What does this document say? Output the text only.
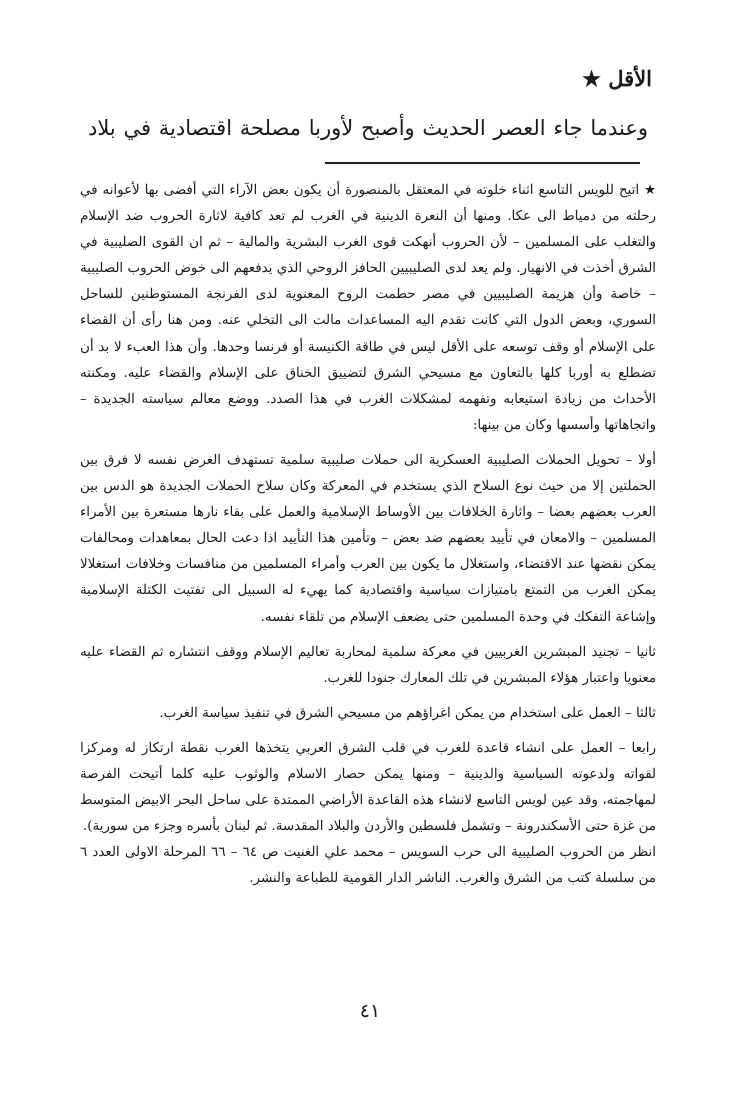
الأقل ★
وعندما جاء العصر الحديث وأصبح لأوربا مصلحة اقتصادية في بلاد

★ اتيح للويس التاسع اثناء خلوته في المعتقل بالمنصورة أن يكون بعض الآراء التي أفضى بها لأعوانه في رحلته من دمياط الى عكا. ومنها أن النعرة الدينية في الغرب لم تعد كافية لاثارة الحروب ضد الإسلام والتغلب على المسلمين – لأن الحروب أنهكت قوى الغرب البشرية والمالية – ثم ان القوى الصليبية في الشرق أخذت في الانهيار. ولم يعد لدى الصليبيين الحافز الروحي الذي يدفعهم الى خوض الحروب الصليبية – خاصة وأن هزيمة الصليبيين في مصر حطمت الروح المعنوية لدى الفرنجة المستوطنين للساحل السوري، وبعض الدول التي كانت تقدم اليه المساعدات مالت الى التخلي عنه. ومن هنا رأى أن القضاء على الإسلام أو وقف توسعه على الأقل ليس في طاقة الكنيسة أو فرنسا وحدها. وأن هذا العبء لا بد أن تضطلع به أوربا كلها بالتعاون مع مسيحي الشرق لتضييق الخناق على الإسلام والقضاء عليه. ومكنته الأحداث من زيادة استيعابه وتفهمه لمشكلات الغرب في هذا الصدد. ووضع معالم سياسته الجديدة – واتجاهاتها وأسسها وكان من بينها:

أولا – تحويل الحملات الصليبية العسكرية الى حملات صليبية سلمية تستهدف الغرض نفسه لا فرق بين الحملتين إلا من حيث نوع السلاح الذي يستخدم في المعركة وكان سلاح الحملات الجديدة هو الدس بين العرب بعضهم بعضا – واثارة الخلافات بين الأوساط الإسلامية والعمل على بقاء نارها مستعرة بين الأمراء المسلمين – والامعان في تأييد بعضهم ضد بعض – وتأمين هذا التأييد اذا دعت الحال بمعاهدات ومحالفات يمكن نقضها عند الاقتضاء، واستغلال ما يكون بين العرب وأمراء المسلمين من منافسات وخلافات استغلالا يمكن الغرب من التمتع بامتيازات سياسية واقتصادية كما يهيء له السبيل الى تفتيت الكتلة الإسلامية وإشاعة التفكك في وحدة المسلمين حتى يضعف الإسلام من تلقاء نفسه.

ثانيا – تجنيد المبشرين الغربيين في معركة سلمية لمحاربة تعاليم الإسلام ووقف انتشاره ثم القضاء عليه معنويا واعتبار هؤلاء المبشرين في تلك المعارك جنودا للغرب.

ثالثا – العمل على استخدام من يمكن اغراؤهم من مسيحي الشرق في تنفيذ سياسة الغرب.

رابعا – العمل على انشاء قاعدة للغرب في قلب الشرق العربي يتخذها الغرب نقطة ارتكاز له ومركزا لقواته ولدعوته السياسية والدينية – ومنها يمكن حصار الاسلام والوثوب عليه كلما أتيحت الفرصة لمهاجمته، وقد عين لويس التاسع لانشاء هذه القاعدة الأراضي الممتدة على ساحل البحر الابيض المتوسط من غزة حتى الأسكندرونة – وتشمل فلسطين والأردن والبلاد المقدسة. ثم لبنان بأسره وجزء من سورية).

انظر من الحروب الصليبية الى حرب السويس – محمد علي الغنيت ص ٦٤ – ٦٦ المرحلة الاولى العدد ٦ من سلسلة كتب من الشرق والغرب. الناشر الدار القومية للطباعة والنشر.

٤١
